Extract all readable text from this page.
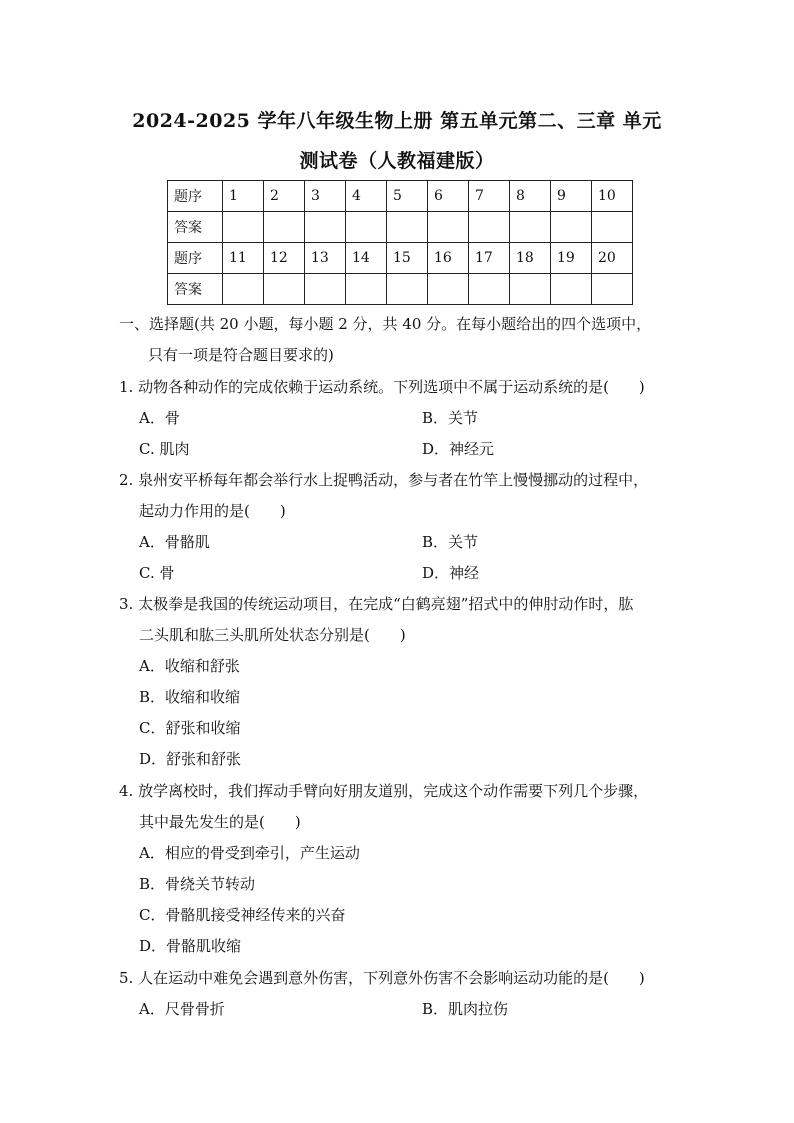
2024-2025 学年八年级生物上册 第五单元第二、三章 单元
测试卷（人教福建版）
题序	1	2	3	4	5	6	7	8	9	10
答案										
题序	11	12	13	14	15	16	17	18	19	20
答案										
一、选择题(共 20 小题，每小题 2 分，共 40 分。在每小题给出的四个选项中，
只有一项是符合题目要求的)
1. 动物各种动作的完成依赖于运动系统。下列选项中不属于运动系统的是(　　)
A．骨	B．关节
C. 肌肉	D．神经元
2. 泉州安平桥每年都会举行水上捉鸭活动，参与者在竹竿上慢慢挪动的过程中，
起动力作用的是(　　)
A．骨骼肌	B．关节
C. 骨	D．神经
3. 太极拳是我国的传统运动项目，在完成“白鹤亮翅”招式中的伸肘动作时，肱
二头肌和肱三头肌所处状态分别是(　　)
A．收缩和舒张
B．收缩和收缩
C．舒张和收缩
D．舒张和舒张
4. 放学离校时，我们挥动手臂向好朋友道别，完成这个动作需要下列几个步骤，
其中最先发生的是(　　)
A．相应的骨受到牵引，产生运动
B．骨绕关节转动
C．骨骼肌接受神经传来的兴奋
D．骨骼肌收缩
5. 人在运动中难免会遇到意外伤害，下列意外伤害不会影响运动功能的是(　　)
A．尺骨骨折	B．肌肉拉伤
